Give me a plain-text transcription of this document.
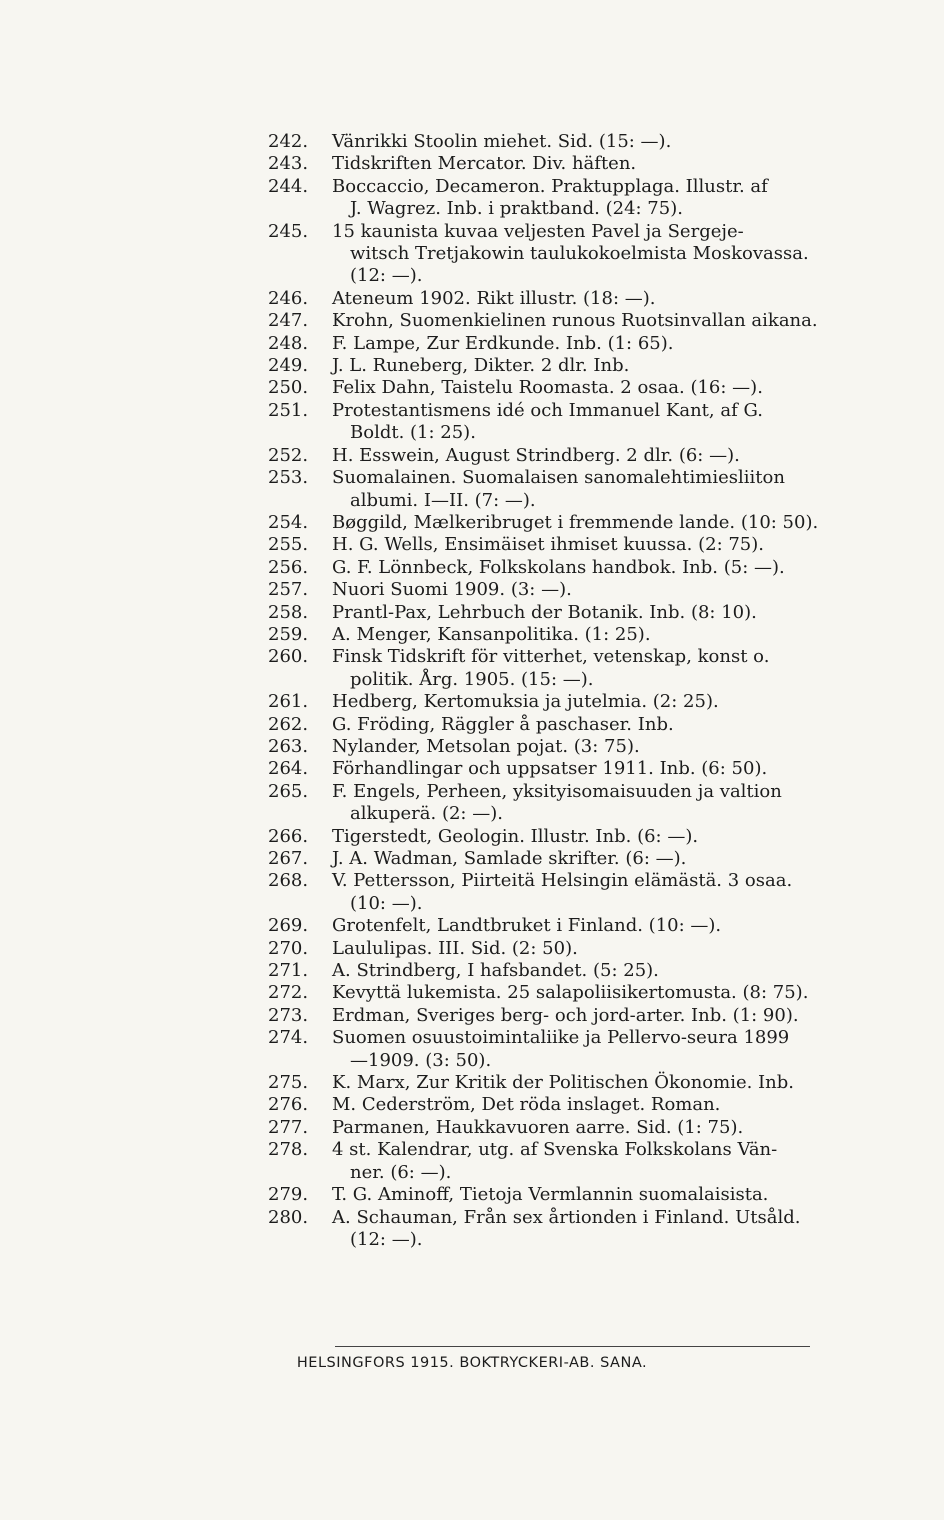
242.	Vänrikki Stoolin miehet. Sid. (15: —).
243.	Tidskriften Mercator. Div. häften.
244.	Boccaccio, Decameron. Praktupplaga. Illustr. af
J. Wagrez. Inb. i praktband. (24: 75).
245.	15 kaunista kuvaa veljesten Pavel ja Sergeje-
witsch Tretjakowin taulukokoelmista Moskovassa.
(12: —).
246.	Ateneum 1902. Rikt illustr. (18: —).
247.	Krohn, Suomenkielinen runous Ruotsinvallan aikana.
248.	F. Lampe, Zur Erdkunde. Inb. (1: 65).
249.	J. L. Runeberg, Dikter. 2 dlr. Inb.
250.	Felix Dahn, Taistelu Roomasta. 2 osaa. (16: —).
251.	Protestantismens idé och Immanuel Kant, af G.
Boldt. (1: 25).
252.	H. Esswein, August Strindberg. 2 dlr. (6: —).
253.	Suomalainen. Suomalaisen sanomalehtimiesliiton
albumi. I—II. (7: —).
254.	Bøggild, Mælkeribruget i fremmende lande. (10: 50).
255.	H. G. Wells, Ensimäiset ihmiset kuussa. (2: 75).
256.	G. F. Lönnbeck, Folkskolans handbok. Inb. (5: —).
257.	Nuori Suomi 1909. (3: —).
258.	Prantl-Pax, Lehrbuch der Botanik. Inb. (8: 10).
259.	A. Menger, Kansanpolitika. (1: 25).
260.	Finsk Tidskrift för vitterhet, vetenskap, konst o.
politik. Årg. 1905. (15: —).
261.	Hedberg, Kertomuksia ja jutelmia. (2: 25).
262.	G. Fröding, Räggler å paschaser. Inb.
263.	Nylander, Metsolan pojat. (3: 75).
264.	Förhandlingar och uppsatser 1911. Inb. (6: 50).
265.	F. Engels, Perheen, yksityisomaisuuden ja valtion
alkuperä. (2: —).
266.	Tigerstedt, Geologin. Illustr. Inb. (6: —).
267.	J. A. Wadman, Samlade skrifter. (6: —).
268.	V. Pettersson, Piirteitä Helsingin elämästä. 3 osaa.
(10: —).
269.	Grotenfelt, Landtbruket i Finland. (10: —).
270.	Laululipas. III. Sid. (2: 50).
271.	A. Strindberg, I hafsbandet. (5: 25).
272.	Kevyttä lukemista. 25 salapoliisikertomusta. (8: 75).
273.	Erdman, Sveriges berg- och jord-arter. Inb. (1: 90).
274.	Suomen osuustoimintaliike ja Pellervo-seura 1899
—1909. (3: 50).
275.	K. Marx, Zur Kritik der Politischen Ökonomie. Inb.
276.	M. Cederström, Det röda inslaget. Roman.
277.	Parmanen, Haukkavuoren aarre. Sid. (1: 75).
278.	4 st. Kalendrar, utg. af Svenska Folkskolans Vän-
ner. (6: —).
279.	T. G. Aminoff, Tietoja Vermlannin suomalaisista.
280.	A. Schauman, Från sex årtionden i Finland. Utsåld.
(12: —).
HELSINGFORS 1915. BOKTRYCKERI-AB. SANA.
